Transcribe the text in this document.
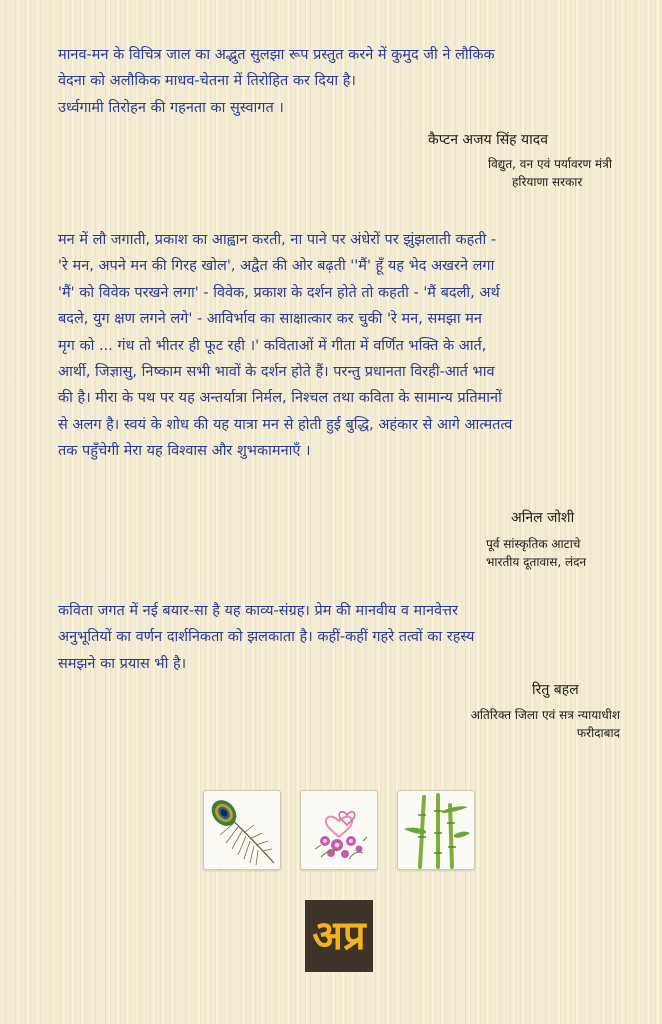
मानव-मन के विचित्र जाल का अद्भुत सुलझा रूप प्रस्तुत करने में कुमुद जी ने लौकिक
वेदना को अलौकिक माधव-चेतना में तिरोहित कर दिया है।
उर्ध्वगामी तिरोहन की गहनता का सुस्वागत ।

कैप्टन अजय सिंह यादव
विद्युत, वन एवं पर्यावरण मंत्री
हरियाणा सरकार

मन में लौ जगाती, प्रकाश का आह्वान करती, ना पाने पर अंधेरों पर झुंझलाती कहती -
'रे मन, अपने मन की गिरह खोल', अद्वैत की ओर बढ़ती ''मैं' हूँ यह भेद अखरने लगा
'मैं' को विवेक परखने लगा' - विवेक, प्रकाश के दर्शन होते तो कहती - 'मैं बदली, अर्थ
बदले, युग क्षण लगने लगे' - आविर्भाव का साक्षात्कार कर चुकी 'रे मन, समझा मन
मृग को ... गंध तो भीतर ही फूट रही ।' कविताओं में गीता में वर्णित भक्ति के आर्त,
आर्थी, जिज्ञासु, निष्काम सभी भावों के दर्शन होते हैं। परन्तु प्रधानता विरही-आर्त भाव
की है। मीरा के पथ पर यह अन्तर्यात्रा निर्मल, निश्चल तथा कविता के सामान्य प्रतिमानों
से अलग है। स्वयं के शोध की यह यात्रा मन से होती हुई बुद्धि, अहंकार से आगे आत्मतत्व
तक पहुँचेगी मेरा यह विश्वास और शुभकामनाएँ ।

अनिल जोशी
पूर्व सांस्कृतिक आटाचे
भारतीय दूतावास, लंदन

कविता जगत में नई बयार-सा है यह काव्य-संग्रह। प्रेम की मानवीय व मानवेत्तर
अनुभूतियों का वर्णन दार्शनिकता को झलकाता है। कहीं-कहीं गहरे तत्वों का रहस्य
समझने का प्रयास भी है।

रितु बहल
अतिरिक्त जिला एवं सत्र न्यायाधीश
फरीदाबाद
अप्र
